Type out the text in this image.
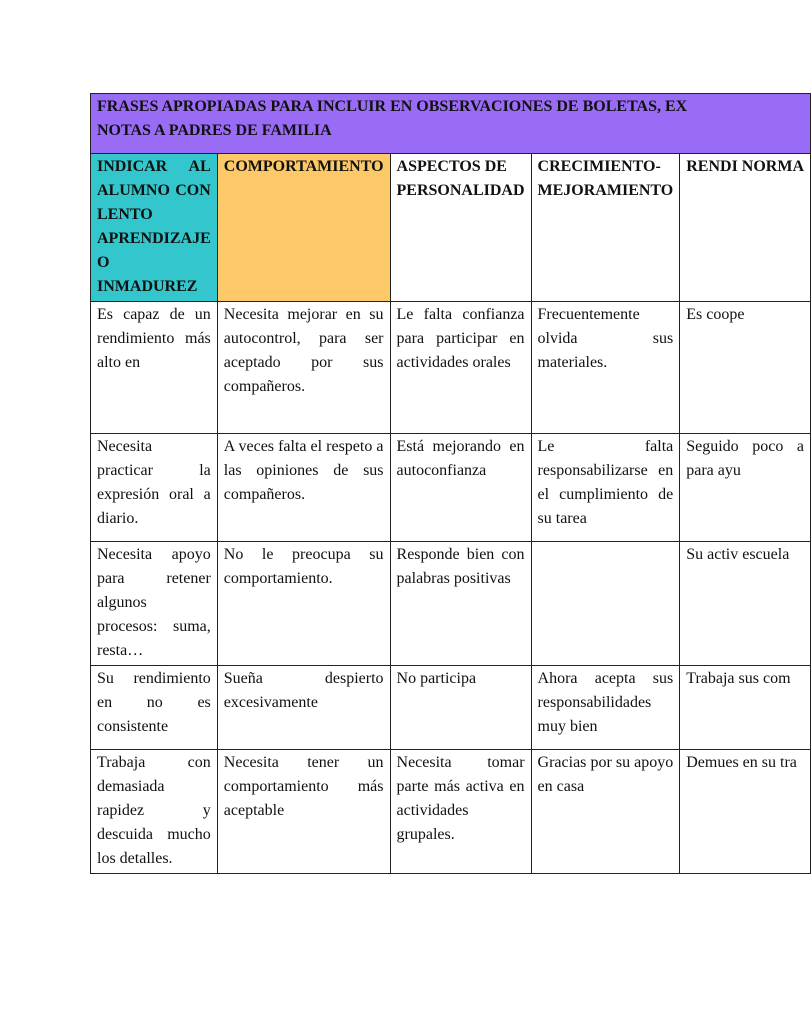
FRASES APROPIADAS PARA INCLUIR EN OBSERVACIONES DE BOLETAS, EX
NOTAS A PADRES DE FAMILIA				

INDICAR AL ALUMNO CON LENTO APRENDIZAJE O INMADUREZ	COMPORTAMIENTO	ASPECTOS DE PERSONALIDAD	CRECIMIENTO-MEJORAMIENTO	RENDI NORMA
Es capaz de un rendimiento más alto en	Necesita mejorar en su autocontrol, para ser aceptado por sus compañeros.	Le falta confianza para participar en actividades orales	Frecuentemente olvida sus materiales.	Es coope
Necesita practicar la expresión oral a diario.	A veces falta el respeto a las opiniones de sus compañeros.	Está mejorando en autoconfianza	Le falta responsabilizarse en el cumplimiento de su tarea	Seguido poco a para ayu
Necesita apoyo para retener algunos procesos: suma, resta…	No le preocupa su comportamiento.	Responde bien con palabras positivas		Su activ escuela
Su rendimiento en no es consistente	Sueña despierto excesivamente	No participa	Ahora acepta sus responsabilidades muy bien	Trabaja sus com
Trabaja con demasiada rapidez y descuida mucho los detalles.	Necesita tener un comportamiento más aceptable	Necesita tomar parte más activa en actividades grupales.	Gracias por su apoyo en casa	Demues en su tra
